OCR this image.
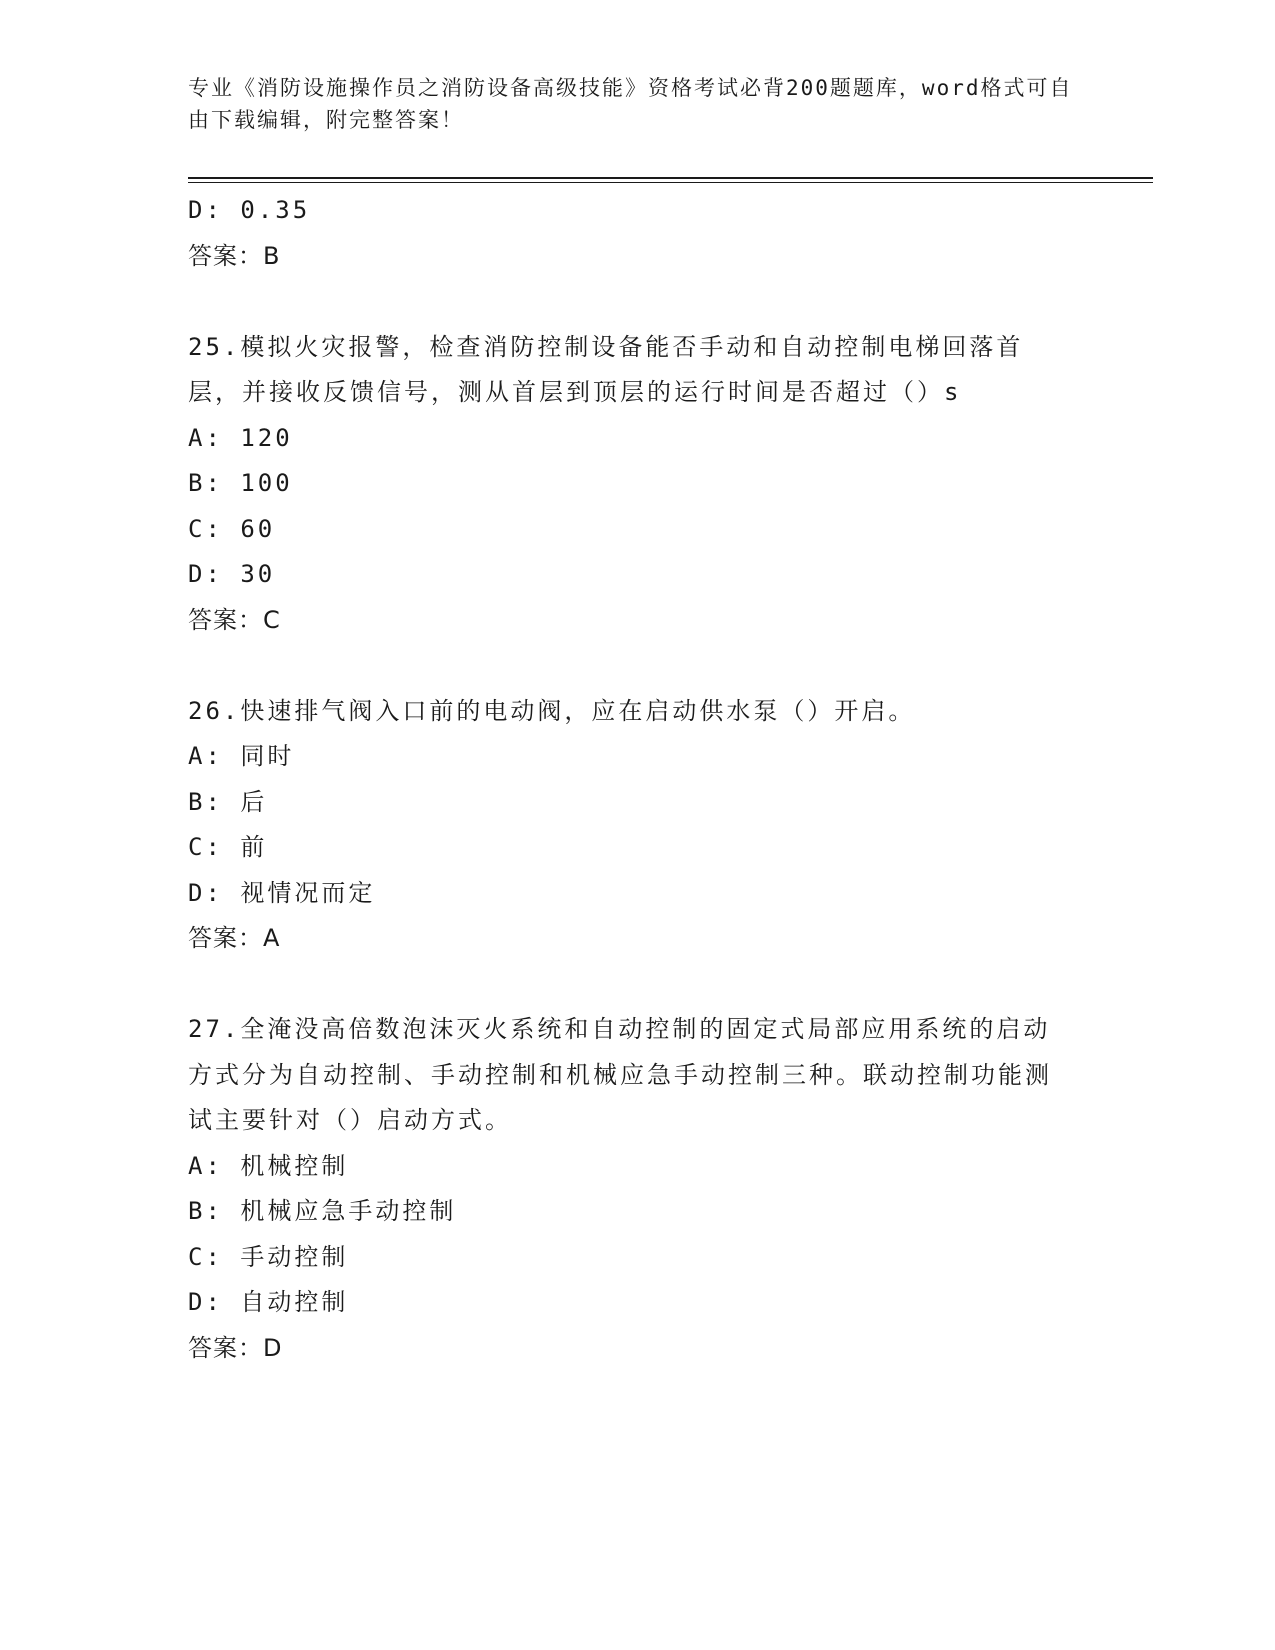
专业《消防设施操作员之消防设备高级技能》资格考试必背200题题库，word格式可自由下载编辑，附完整答案！
D: 0.35
答案：B
25.模拟火灾报警，检查消防控制设备能否手动和自动控制电梯回落首层，并接收反馈信号，测从首层到顶层的运行时间是否超过（）s
A: 120
B: 100
C: 60
D: 30
答案：C
26.快速排气阀入口前的电动阀，应在启动供水泵（）开启。
A: 同时
B: 后
C: 前
D: 视情况而定
答案：A
27.全淹没高倍数泡沫灭火系统和自动控制的固定式局部应用系统的启动方式分为自动控制、手动控制和机械应急手动控制三种。联动控制功能测试主要针对（）启动方式。
A: 机械控制
B: 机械应急手动控制
C: 手动控制
D: 自动控制
答案：D
